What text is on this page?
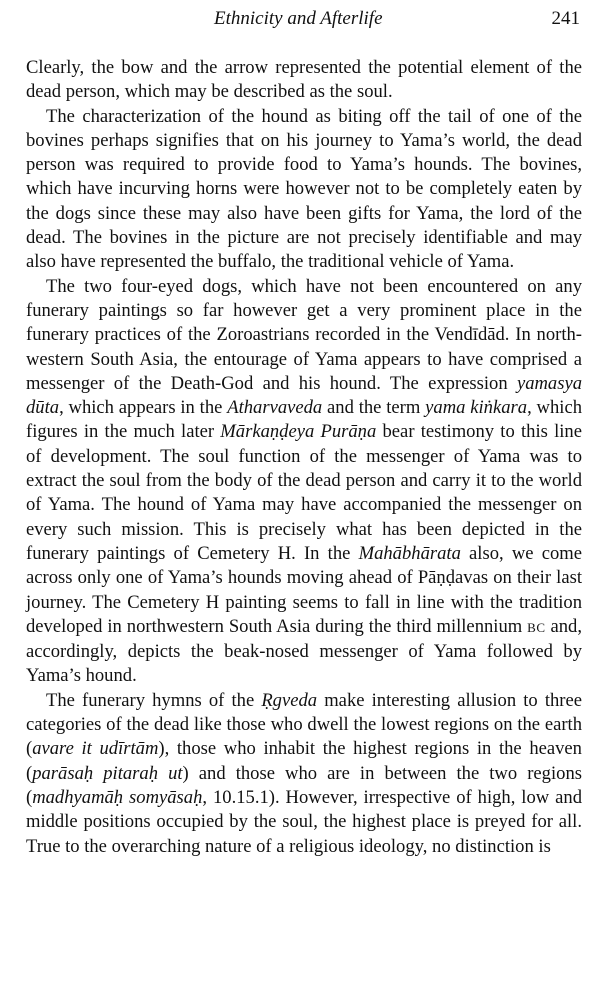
Ethnicity and Afterlife	241

Clearly, the bow and the arrow represented the potential element of the dead person, which may be described as the soul.

The characterization of the hound as biting off the tail of one of the bovines perhaps signifies that on his journey to Yama’s world, the dead person was required to provide food to Yama’s hounds. The bovines, which have incurving horns were however not to be completely eaten by the dogs since these may also have been gifts for Yama, the lord of the dead. The bovines in the picture are not precisely identifiable and may also have represented the buffalo, the traditional vehicle of Yama.

The two four-eyed dogs, which have not been encountered on any funerary paintings so far however get a very prominent place in the funerary practices of the Zoroastrians recorded in the Vendīdād. In north-western South Asia, the entourage of Yama appears to have comprised a messenger of the Death-God and his hound. The expression yamasya dūta, which appears in the Atharvaveda and the term yama kiṅkara, which figures in the much later Mārkaṇḍeya Purāṇa bear testimony to this line of development. The soul function of the messenger of Yama was to extract the soul from the body of the dead person and carry it to the world of Yama. The hound of Yama may have accompanied the messenger on every such mission. This is precisely what has been depicted in the funerary paintings of Cemetery H. In the Mahābhārata also, we come across only one of Yama’s hounds moving ahead of Pāṇḍavas on their last journey. The Cemetery H painting seems to fall in line with the tradition developed in northwestern South Asia during the third millennium BC and, accordingly, depicts the beak-nosed messenger of Yama followed by Yama’s hound.

The funerary hymns of the Ṛgveda make interesting allusion to three categories of the dead like those who dwell the lowest regions on the earth (avare it udīrtām), those who inhabit the highest regions in the heaven (parāsaḥ pitaraḥ ut) and those who are in between the two regions (madhyamāḥ somyāsaḥ, 10.15.1). However, irrespective of high, low and middle positions occupied by the soul, the highest place is preyed for all. True to the overarching nature of a religious ideology, no distinction is
